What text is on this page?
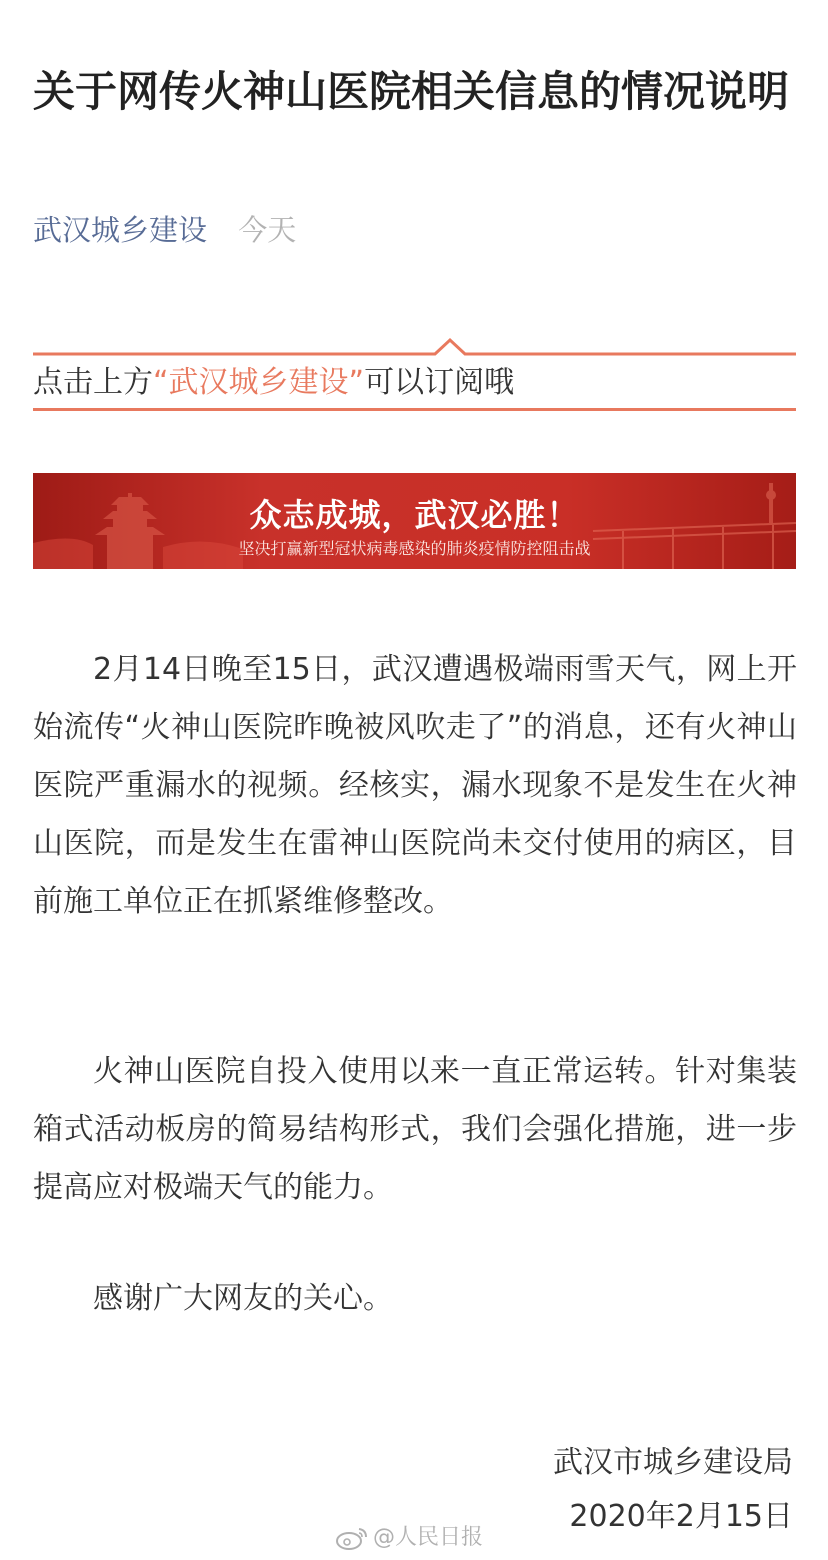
关于网传火神山医院相关信息的情况说明
武汉城乡建设 今天
点击上方“武汉城乡建设”可以订阅哦
众志成城，武汉必胜！
坚决打赢新型冠状病毒感染的肺炎疫情防控阻击战

2月14日晚至15日，武汉遭遇极端雨雪天气，网上开始流传“火神山医院昨晚被风吹走了”的消息，还有火神山医院严重漏水的视频。经核实，漏水现象不是发生在火神山医院，而是发生在雷神山医院尚未交付使用的病区，目前施工单位正在抓紧维修整改。

火神山医院自投入使用以来一直正常运转。针对集装箱式活动板房的简易结构形式，我们会强化措施，进一步提高应对极端天气的能力。

感谢广大网友的关心。

武汉市城乡建设局
2020年2月15日
@人民日报
